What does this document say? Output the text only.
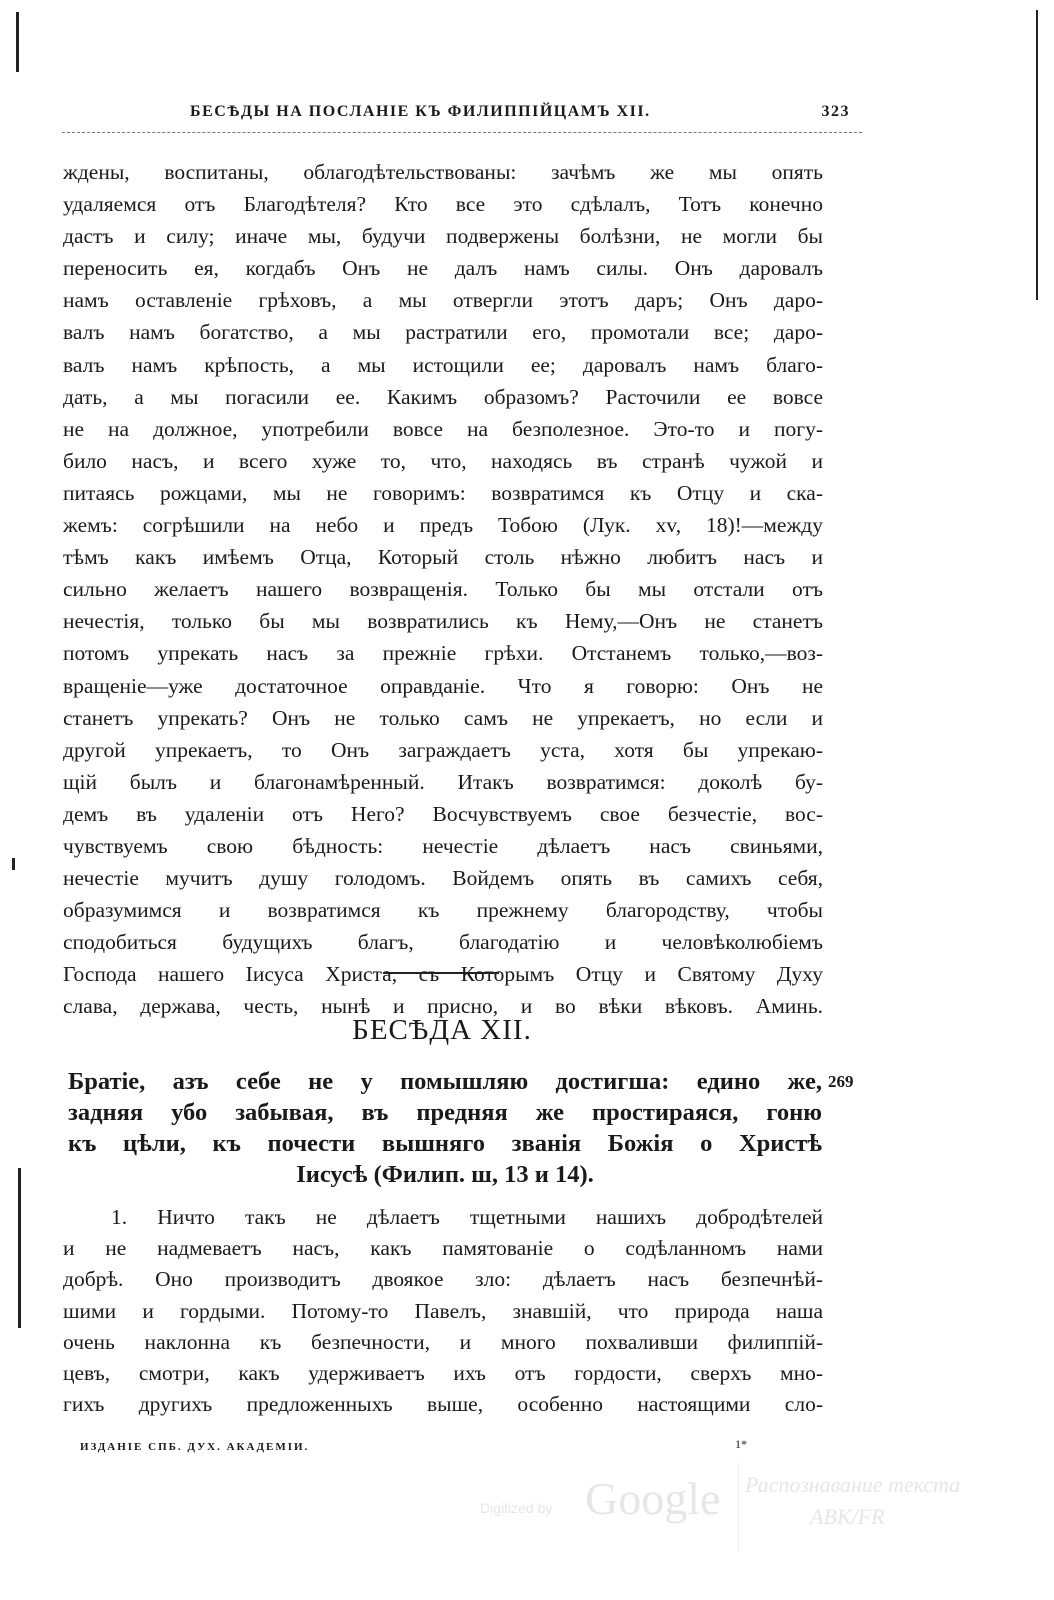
БЕСѢДЫ НА ПОСЛАНІЕ КЪ ФИЛИППІЙЦАМЪ XII.	323
ждены, воспитаны, облагодѣтельствованы: зачѣмъ же мы опять
удаляемся отъ Благодѣтеля? Кто все это сдѣлалъ, Тотъ конечно
дастъ и силу; иначе мы, будучи подвержены болѣзни, не могли бы
переносить ея, когдабъ Онъ не далъ намъ силы. Онъ даровалъ
намъ оставленіе грѣховъ, а мы отвергли этотъ даръ; Онъ даро-
валъ намъ богатство, а мы растратили его, промотали все; даро-
валъ намъ крѣпость, а мы истощили ее; даровалъ намъ благо-
дать, а мы погасили ее. Какимъ образомъ? Расточили ее вовсе
не на должное, употребили вовсе на безполезное. Это-то и погу-
било насъ, и всего хуже то, что, находясь въ странѣ чужой и
питаясь рожцами, мы не говоримъ: возвратимся къ Отцу и ска-
жемъ: согрѣшили на небо и предъ Тобою (Лук. xv, 18)!—между
тѣмъ какъ имѣемъ Отца, Который столь нѣжно любитъ насъ и
сильно желаетъ нашего возвращенія. Только бы мы отстали отъ
нечестія, только бы мы возвратились къ Нему,—Онъ не станетъ
потомъ упрекать насъ за прежніе грѣхи. Отстанемъ только,—воз-
вращеніе—уже достаточное оправданіе. Что я говорю: Онъ не
станетъ упрекать? Онъ не только самъ не упрекаетъ, но если и
другой упрекаетъ, то Онъ заграждаетъ уста, хотя бы упрекаю-
щій былъ и благонамѣренный. Итакъ возвратимся: доколѣ бу-
демъ въ удаленіи отъ Него? Восчувствуемъ свое безчестіе, вос-
чувствуемъ свою бѣдность: нечестіе дѣлаетъ насъ свиньями,
нечестіе мучитъ душу голодомъ. Войдемъ опять въ самихъ себя,
образумимся и возвратимся къ прежнему благородству, чтобы
сподобиться будущихъ благъ, благодатію и человѣколюбіемъ
Господа нашего Іисуса Христа, съ Которымъ Отцу и Святому Духу
слава, держава, честь, нынѣ и присно, и во вѣки вѣковъ. Аминь.
БЕСѢДА XII.
269
Братіе, азъ себе не у помышляю достигша: едино же,
задняя убо забывая, въ предняя же простираяся, гоню
къ цѣли, къ почести вышняго званія Божія о Христѣ
Іисусѣ (Филип. ш, 13 и 14).
1. Ничто такъ не дѣлаетъ тщетными нашихъ добродѣтелей
и не надмеваетъ насъ, какъ памятованіе о содѣланномъ нами
добрѣ. Оно производитъ двоякое зло: дѣлаетъ насъ безпечнѣй-
шими и гордыми. Потому-то Павелъ, знавшій, что природа наша
очень наклонна къ безпечности, и много похваливши филиппій-
цевъ, смотри, какъ удерживаетъ ихъ отъ гордости, сверхъ мно-
гихъ другихъ предложенныхъ выше, особенно настоящими сло-
ИЗДАНІЕ СПБ. ДУХ. АКАДЕМІИ.	1*
Digitized by Google Распознавание текста
ABK/FR
